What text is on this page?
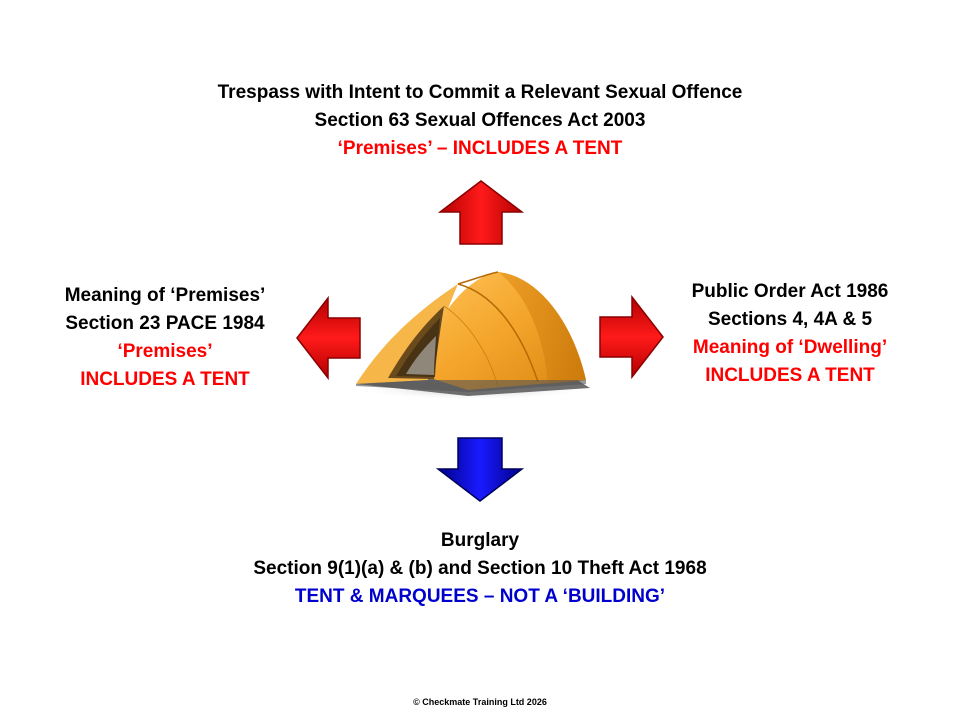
Trespass with Intent to Commit a Relevant Sexual Offence
Section 63 Sexual Offences Act 2003
‘Premises’ – INCLUDES A TENT
Meaning of ‘Premises’
Section 23 PACE 1984
‘Premises’
INCLUDES A TENT
Public Order Act 1986
Sections 4, 4A & 5
Meaning of ‘Dwelling’
INCLUDES A TENT
Burglary
Section 9(1)(a) & (b) and Section 10 Theft Act 1968
TENT & MARQUEES – NOT A ‘BUILDING’
© Checkmate Training Ltd 2026
